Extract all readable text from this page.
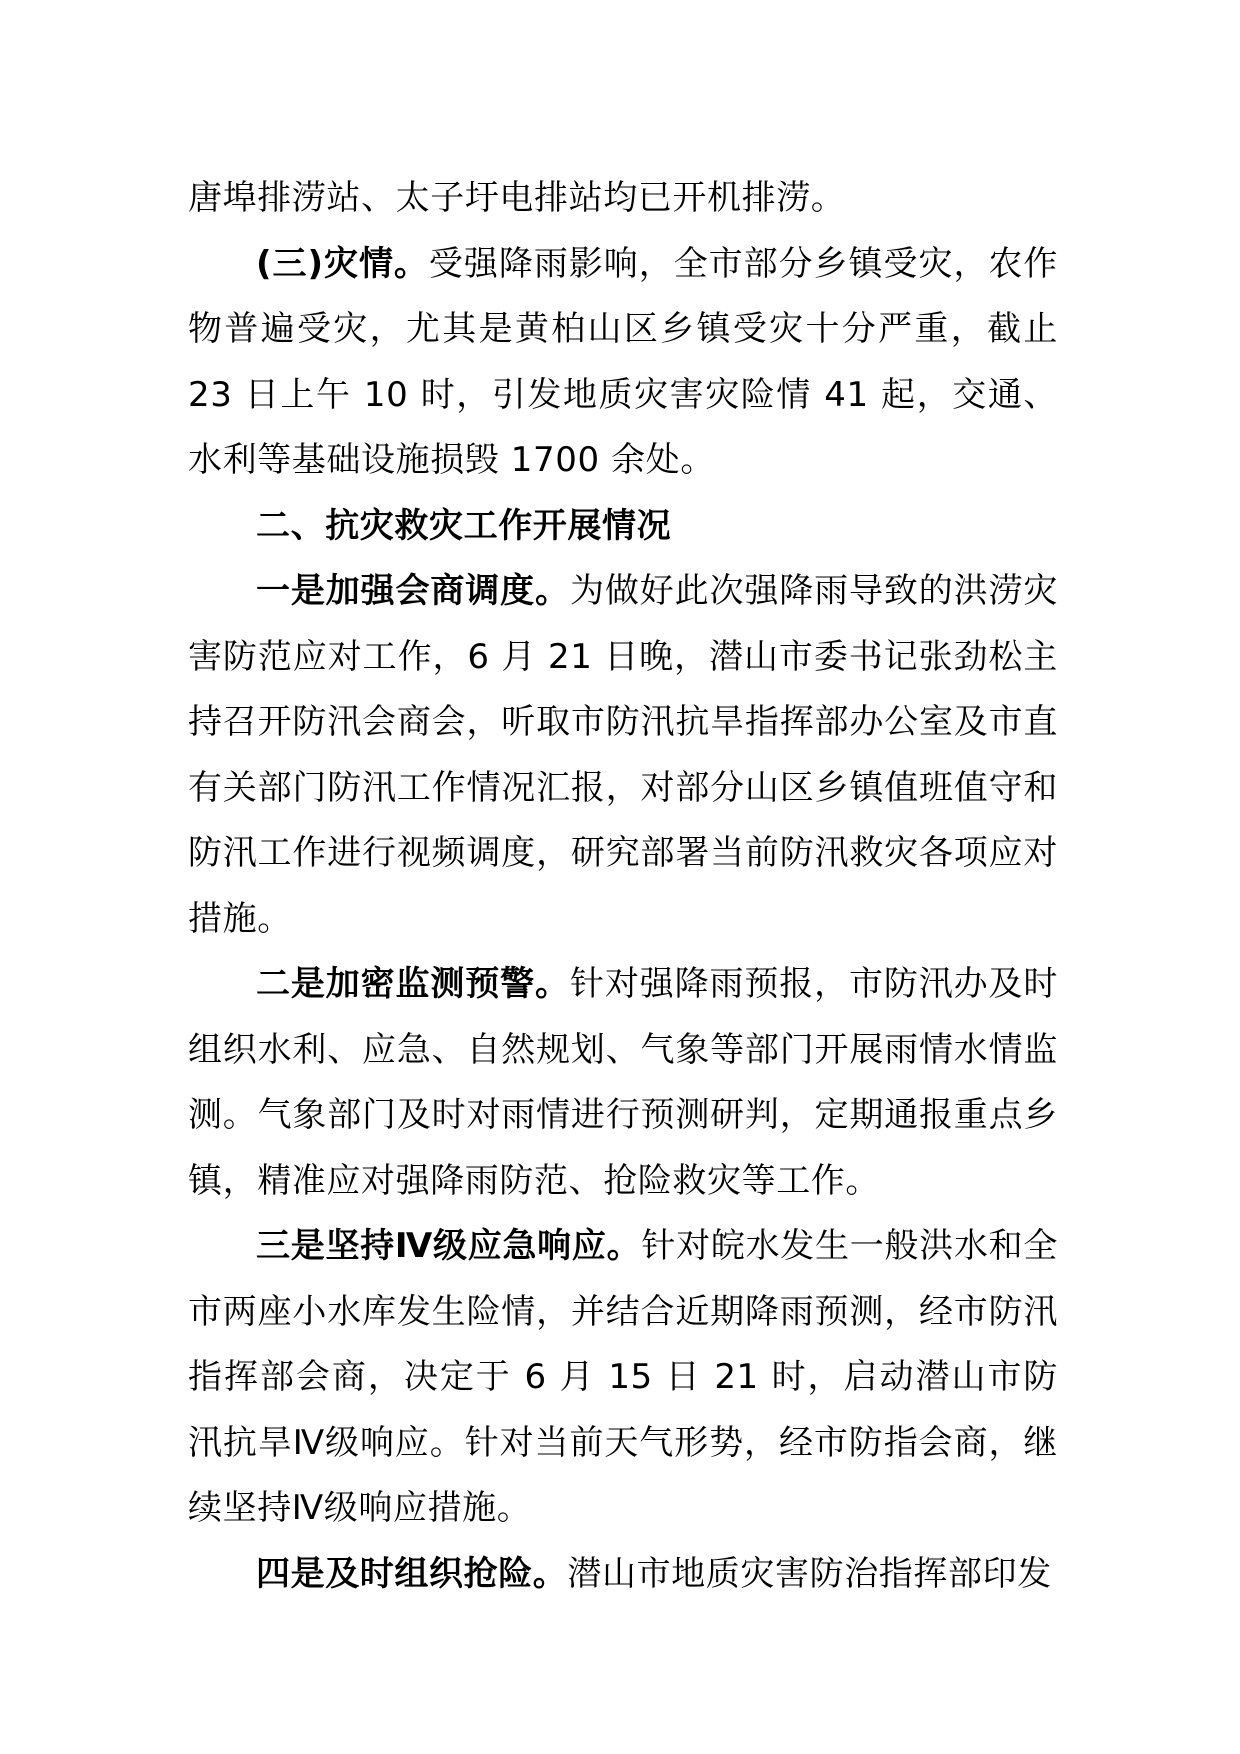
唐埠排涝站、太子圩电排站均已开机排涝。

(三)灾情。受强降雨影响，全市部分乡镇受灾，农作物普遍受灾，尤其是黄柏山区乡镇受灾十分严重，截止 23 日上午 10 时，引发地质灾害灾险情 41 起，交通、水利等基础设施损毁 1700 余处。

二、抗灾救灾工作开展情况

一是加强会商调度。为做好此次强降雨导致的洪涝灾害防范应对工作，6 月 21 日晚，潜山市委书记张劲松主持召开防汛会商会，听取市防汛抗旱指挥部办公室及市直有关部门防汛工作情况汇报，对部分山区乡镇值班值守和防汛工作进行视频调度，研究部署当前防汛救灾各项应对措施。

二是加密监测预警。针对强降雨预报，市防汛办及时组织水利、应急、自然规划、气象等部门开展雨情水情监测。气象部门及时对雨情进行预测研判，定期通报重点乡镇，精准应对强降雨防范、抢险救灾等工作。

三是坚持Ⅳ级应急响应。针对皖水发生一般洪水和全市两座小水库发生险情，并结合近期降雨预测，经市防汛指挥部会商，决定于 6 月 15 日 21 时，启动潜山市防汛抗旱Ⅳ级响应。针对当前天气形势，经市防指会商，继续坚持Ⅳ级响应措施。

四是及时组织抢险。潜山市地质灾害防治指挥部印发
